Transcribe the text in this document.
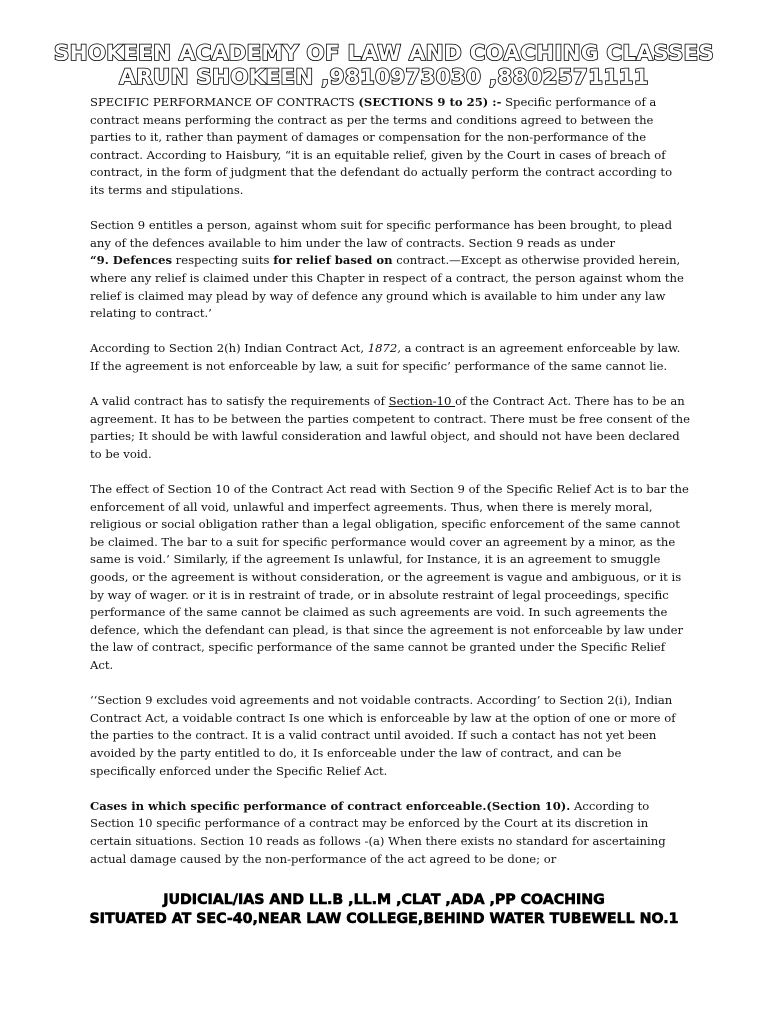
SHOKEEN ACADEMY OF LAW AND COACHING CLASSES
ARUN SHOKEEN ,9810973030 ,8802571111

SPECIFIC PERFORMANCE OF CONTRACTS (SECTIONS 9 to 25) :- Specific performance of a contract means performing the contract as per the terms and conditions agreed to between the parties to it, rather than payment of damages or compensation for the non-performance of the contract. According to Haisbury, “it is an equitable relief, given by the Court in cases of breach of contract, in the form of judgment that the defendant do actually perform the contract according to its terms and stipulations.

Section 9 entitles a person, against whom suit for specific performance has been brought, to plead any of the defences available to him under the law of contracts. Section 9 reads as under

“9. Defences respecting suits for relief based on contract.—Except as otherwise provided herein, where any relief is claimed under this Chapter in respect of a contract, the person against whom the relief is claimed may plead by way of defence any ground which is available to him under any law relating to contract.’

According to Section 2(h) Indian Contract Act, 1872, a contract is an agreement enforceable by law. If the agreement is not enforceable by law, a suit for specific’ performance of the same cannot lie.

A valid contract has to satisfy the requirements of Section-10 of the Contract Act. There has to be an agreement. It has to be between the parties competent to contract. There must be free consent of the parties; It should be with lawful consideration and lawful object, and should not have been declared to be void.

The effect of Section 10 of the Contract Act read with Section 9 of the Specific Relief Act is to bar the enforcement of all void, unlawful and imperfect agreements. Thus, when there is merely moral, religious or social obligation rather than a legal obligation, specific enforcement of the same cannot be claimed. The bar to a suit for specific performance would cover an agreement by a minor, as the same is void.’ Similarly, if the agreement Is unlawful, for Instance, it is an agreement to smuggle goods, or the agreement is without consideration, or the agreement is vague and ambiguous, or it is by way of wager. or it is in restraint of trade, or in absolute restraint of legal proceedings, specific performance of the same cannot be claimed as such agreements are void. In such agreements the defence, which the defendant can plead, is that since the agreement is not enforceable by law under the law of contract, specific performance of the same cannot be granted under the Specific Relief Act.

‘‘Section 9 excludes void agreements and not voidable contracts. According’ to Section 2(i), Indian Contract Act, a voidable contract Is one which is enforceable by law at the option of one or more of the parties to the contract. It is a valid contract until avoided. If such a contact has not yet been avoided by the party entitled to do, it Is enforceable under the law of contract, and can be specifically enforced under the Specific Relief Act.

Cases in which specific performance of contract enforceable.(Section 10). According to Section 10 specific performance of a contract may be enforced by the Court at its discretion in certain situations. Section 10 reads as follows -(a) When there exists no standard for ascertaining actual damage caused by the non-performance of the act agreed to be done; or

JUDICIAL/IAS AND LL.B ,LL.M ,CLAT ,ADA ,PP COACHING
SITUATED AT SEC-40,NEAR LAW COLLEGE,BEHIND WATER TUBEWELL NO.1
